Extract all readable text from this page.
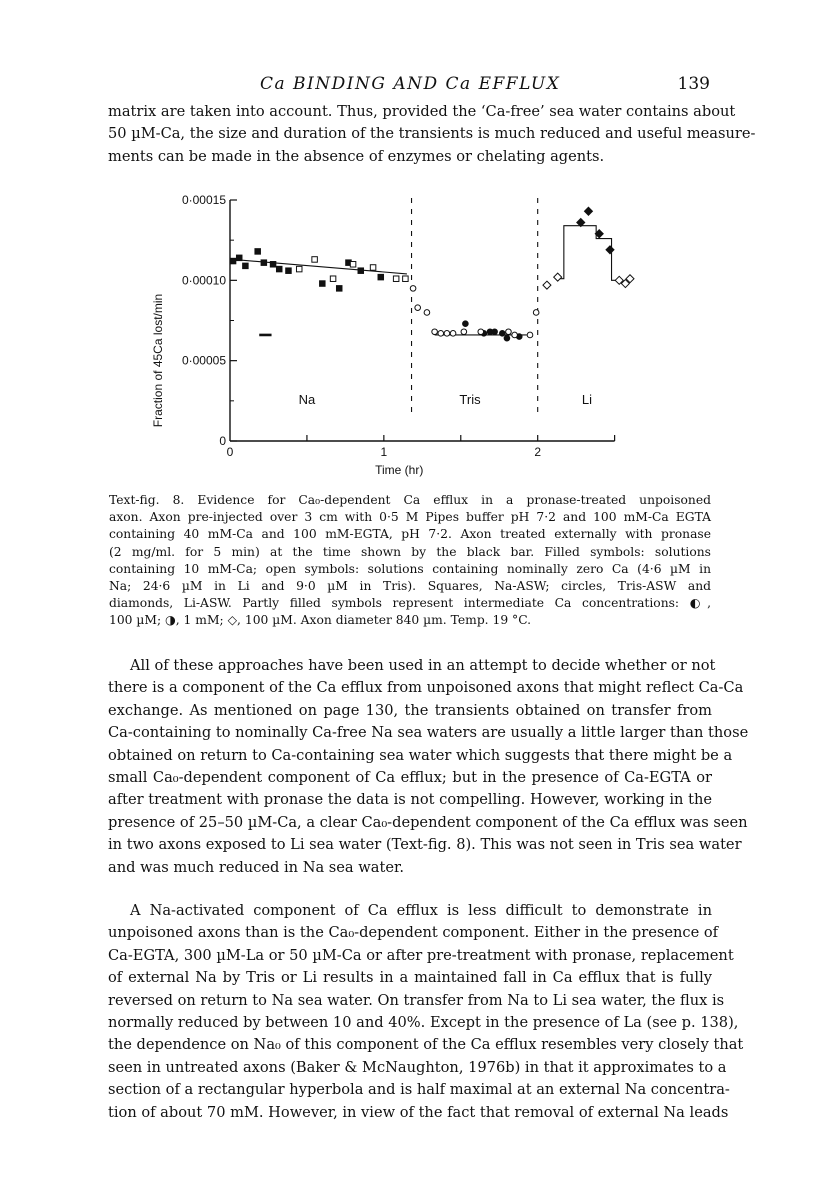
Ca BINDING AND Ca EFFLUX	139

matrix are taken into account. Thus, provided the ‘Ca-free’ sea water contains about
50 µM-Ca, the size and duration of the transients is much reduced and useful measure-
ments can be made in the absence of enzymes or chelating agents.

0
0·00005
0·00010
0·00015
0	1	2
Time (hr)
Fraction of 45Ca lost/min	Na	Tris	Li

Text-fig. 8. Evidence for Ca₀-dependent Ca efflux in a pronase-treated unpoisoned
axon. Axon pre-injected over 3 cm with 0·5 M Pipes buffer pH 7·2 and 100 mM-Ca EGTA
containing 40 mM-Ca and 100 mM-EGTA, pH 7·2. Axon treated externally with pronase
(2 mg/ml. for 5 min) at the time shown by the black bar. Filled symbols: solutions
containing 10 mM-Ca; open symbols: solutions containing nominally zero Ca (4·6 µM in
Na; 24·6 µM in Li and 9·0 µM in Tris). Squares, Na-ASW; circles, Tris-ASW and
diamonds, Li-ASW. Partly filled symbols represent intermediate Ca concentrations: ◐,
100 µM; ◑, 1 mM; ◇, 100 µM. Axon diameter 840 µm. Temp. 19 °C.

All of these approaches have been used in an attempt to decide whether or not
there is a component of the Ca efflux from unpoisoned axons that might reflect Ca-Ca
exchange. As mentioned on page 130, the transients obtained on transfer from
Ca-containing to nominally Ca-free Na sea waters are usually a little larger than those
obtained on return to Ca-containing sea water which suggests that there might be a
small Ca₀-dependent component of Ca efflux; but in the presence of Ca-EGTA or
after treatment with pronase the data is not compelling. However, working in the
presence of 25–50 µM-Ca, a clear Ca₀-dependent component of the Ca efflux was seen
in two axons exposed to Li sea water (Text-fig. 8). This was not seen in Tris sea water
and was much reduced in Na sea water.

A Na-activated component of Ca efflux is less difficult to demonstrate in
unpoisoned axons than is the Ca₀-dependent component. Either in the presence of
Ca-EGTA, 300 µM-La or 50 µM-Ca or after pre-treatment with pronase, replacement
of external Na by Tris or Li results in a maintained fall in Ca efflux that is fully
reversed on return to Na sea water. On transfer from Na to Li sea water, the flux is
normally reduced by between 10 and 40%. Except in the presence of La (see p. 138),
the dependence on Na₀ of this component of the Ca efflux resembles very closely that
seen in untreated axons (Baker & McNaughton, 1976b) in that it approximates to a
section of a rectangular hyperbola and is half maximal at an external Na concentra-
tion of about 70 mM. However, in view of the fact that removal of external Na leads
